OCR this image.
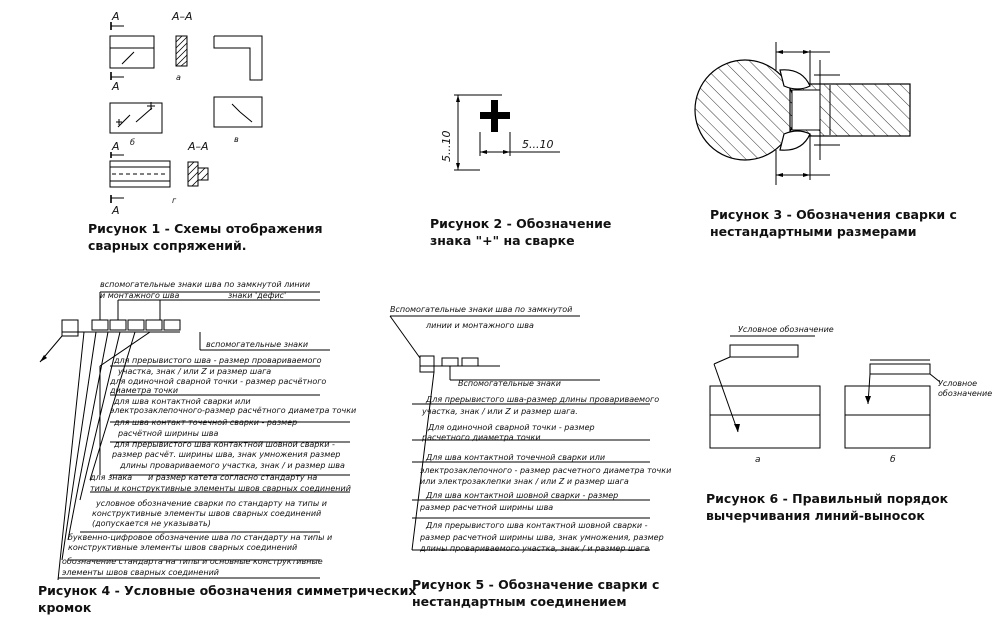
А
А
А–А
а
б	в
А
А
г
А–А
Рисунок 1 - Схемы отображения
сварных сопряжений.
5...10	5...10
Рисунок 2 - Обозначение
знака "+" на сварке
Рисунок 3 - Обозначения сварки с
нестандартными размерами
вспомогательные знаки шва по замкнутой линии
и монтажного шва	знаки 'дефис'
вспомогательные знаки
для прерывистого шва - размер провариваемого
участка, знак / или Z и размер шага
для одиночной сварной точки - размер расчётного
диаметра точки
для шва контактной сварки или
электрозаклепочного-размер расчётного диаметра точки
для шва контакт точечной сварки - размер
расчётной ширины шва
для прерывистого шва контактной шовной сварки -
размер расчёт. ширины шва, знак умножения размер
длины провариваемого участка, знак / и размер шва
для знака и размер катета согласно стандарту на
типы и конструктивные элементы швов сварных соединений
условное обозначение сварки по стандарту на типы и
конструктивные элементы швов сварных соединений
(допускается не указывать)
буквенно-цифровое обозначение шва по стандарту на типы и
конструктивные элементы швов сварных соединений
обозначение стандарта на типы и основные конструктивные
элементы швов сварных соединений
Рисунок 4 - Условные обозначения симметрических
кромок
Вспомогательные знаки шва по замкнутой
линии и монтажного шва
Вспомогательные знаки
Для прерывистого шва-размер длины провариваемого
участка, знак / или Z и размер шага.
Для одиночной сварной точки - размер
расчетного диаметра точки
Для шва контактной точечной сварки или
электрозаклепочного - размер расчетного диаметра точки
или электрозаклепки знак / или Z и размер шага
Для шва контактной шовной сварки - размер
размер расчетной ширины шва
Для прерывистого шва контактной шовной сварки -
размер расчетной ширины шва, знак умножения, размер
длины провариваемого участка, знак / и размер шага
Рисунок 5 - Обозначение сварки с
нестандартным соединением
Условное обозначение
а
Условное
обозначение
б
Рисунок 6 - Правильный порядок
вычерчивания линий-выносок
